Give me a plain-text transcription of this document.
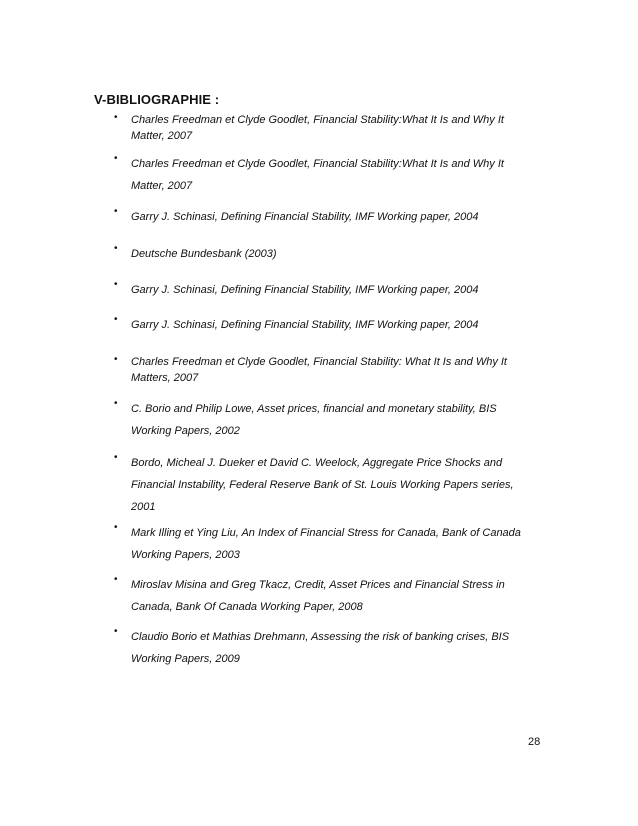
V-BIBLIOGRAPHIE :
• Charles Freedman et Clyde Goodlet, Financial Stability:What It Is and Why It Matter, 2007
• Charles Freedman et Clyde Goodlet, Financial Stability:What It Is and Why It Matter, 2007
• Garry J. Schinasi, Defining Financial Stability, IMF Working paper, 2004
• Deutsche Bundesbank (2003)
• Garry J. Schinasi, Defining Financial Stability, IMF Working paper, 2004
• Garry J. Schinasi, Defining Financial Stability, IMF Working paper, 2004
• Charles Freedman et Clyde Goodlet, Financial Stability: What It Is and Why It Matters, 2007
• C. Borio and Philip Lowe, Asset prices, financial and monetary stability, BIS Working Papers, 2002
• Bordo, Micheal J. Dueker et David C. Weelock, Aggregate Price Shocks and Financial Instability, Federal Reserve Bank of St. Louis Working Papers series, 2001
• Mark Illing et Ying Liu, An Index of Financial Stress for Canada, Bank of Canada Working Papers, 2003
• Miroslav Misina and Greg Tkacz, Credit, Asset Prices and Financial Stress in Canada, Bank Of Canada Working Paper, 2008
• Claudio Borio et Mathias Drehmann, Assessing the risk of banking crises, BIS Working Papers, 2009

28
